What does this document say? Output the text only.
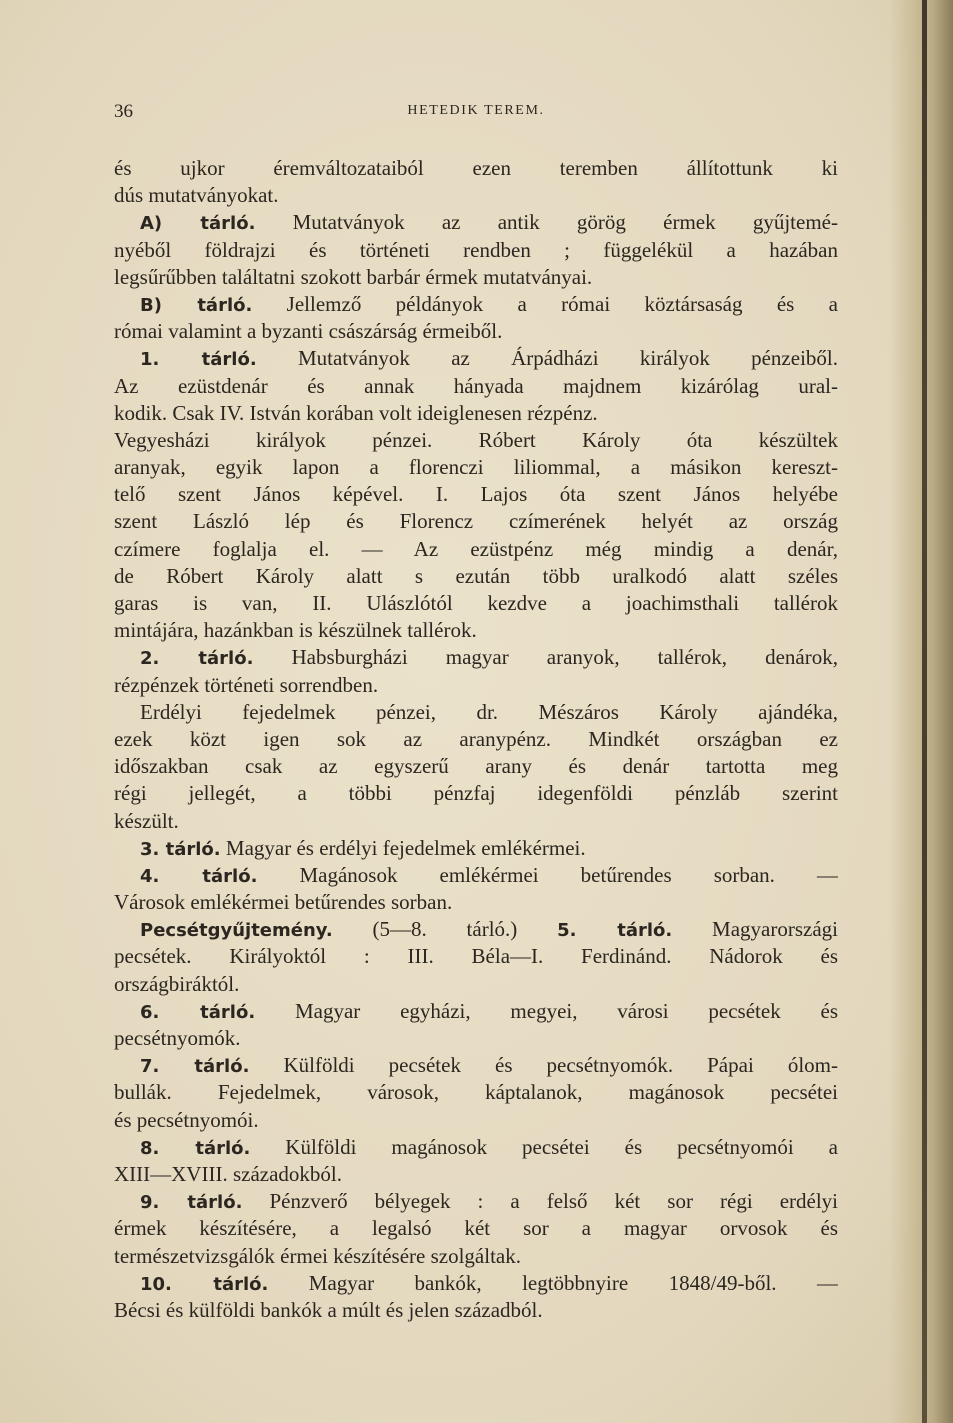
36	HETEDIK TEREM.
és ujkor éremváltozataiból ezen teremben állítottunk ki
dús mutatványokat.
A) tárló. Mutatványok az antik görög érmek gyűjtemé-
nyéből földrajzi és történeti rendben ; függelékül a hazában
legsűrűbben találtatni szokott barbár érmek mutatványai.
B) tárló. Jellemző példányok a római köztársaság és a
római valamint a byzanti császárság érmeiből.
1. tárló. Mutatványok az Árpádházi királyok pénzeiből.
Az ezüstdenár és annak hányada majdnem kizárólag ural-
kodik. Csak IV. István korában volt ideiglenesen rézpénz.
Vegyesházi királyok pénzei. Róbert Károly óta készültek
aranyak, egyik lapon a florenczi liliommal, a másikon kereszt-
telő szent János képével. I. Lajos óta szent János helyébe
szent László lép és Florencz czímerének helyét az ország
czímere foglalja el. — Az ezüstpénz még mindig a denár,
de Róbert Károly alatt s ezután több uralkodó alatt széles
garas is van, II. Ulászlótól kezdve a joachimsthali tallérok
mintájára, hazánkban is készülnek tallérok.
2. tárló. Habsburgházi magyar aranyok, tallérok, denárok,
rézpénzek történeti sorrendben.
Erdélyi fejedelmek pénzei, dr. Mészáros Károly ajándéka,
ezek közt igen sok az aranypénz. Mindkét országban ez
időszakban csak az egyszerű arany és denár tartotta meg
régi jellegét, a többi pénzfaj idegenföldi pénzláb szerint
készült.
3. tárló. Magyar és erdélyi fejedelmek emlékérmei.
4. tárló. Magánosok emlékérmei betűrendes sorban. —
Városok emlékérmei betűrendes sorban.
Pecsétgyűjtemény. (5—8. tárló.) 5. tárló. Magyarországi
pecsétek. Királyoktól : III. Béla—I. Ferdinánd. Nádorok és
országbiráktól.
6. tárló. Magyar egyházi, megyei, városi pecsétek és
pecsétnyomók.
7. tárló. Külföldi pecsétek és pecsétnyomók. Pápai ólom-
bullák. Fejedelmek, városok, káptalanok, magánosok pecsétei
és pecsétnyomói.
8. tárló. Külföldi magánosok pecsétei és pecsétnyomói a
XIII—XVIII. századokból.
9. tárló. Pénzverő bélyegek : a felső két sor régi erdélyi
érmek készítésére, a legalsó két sor a magyar orvosok és
természetvizsgálók érmei készítésére szolgáltak.
10. tárló. Magyar bankók, legtöbbnyire 1848/49-ből. —
Bécsi és külföldi bankók a múlt és jelen századból.
